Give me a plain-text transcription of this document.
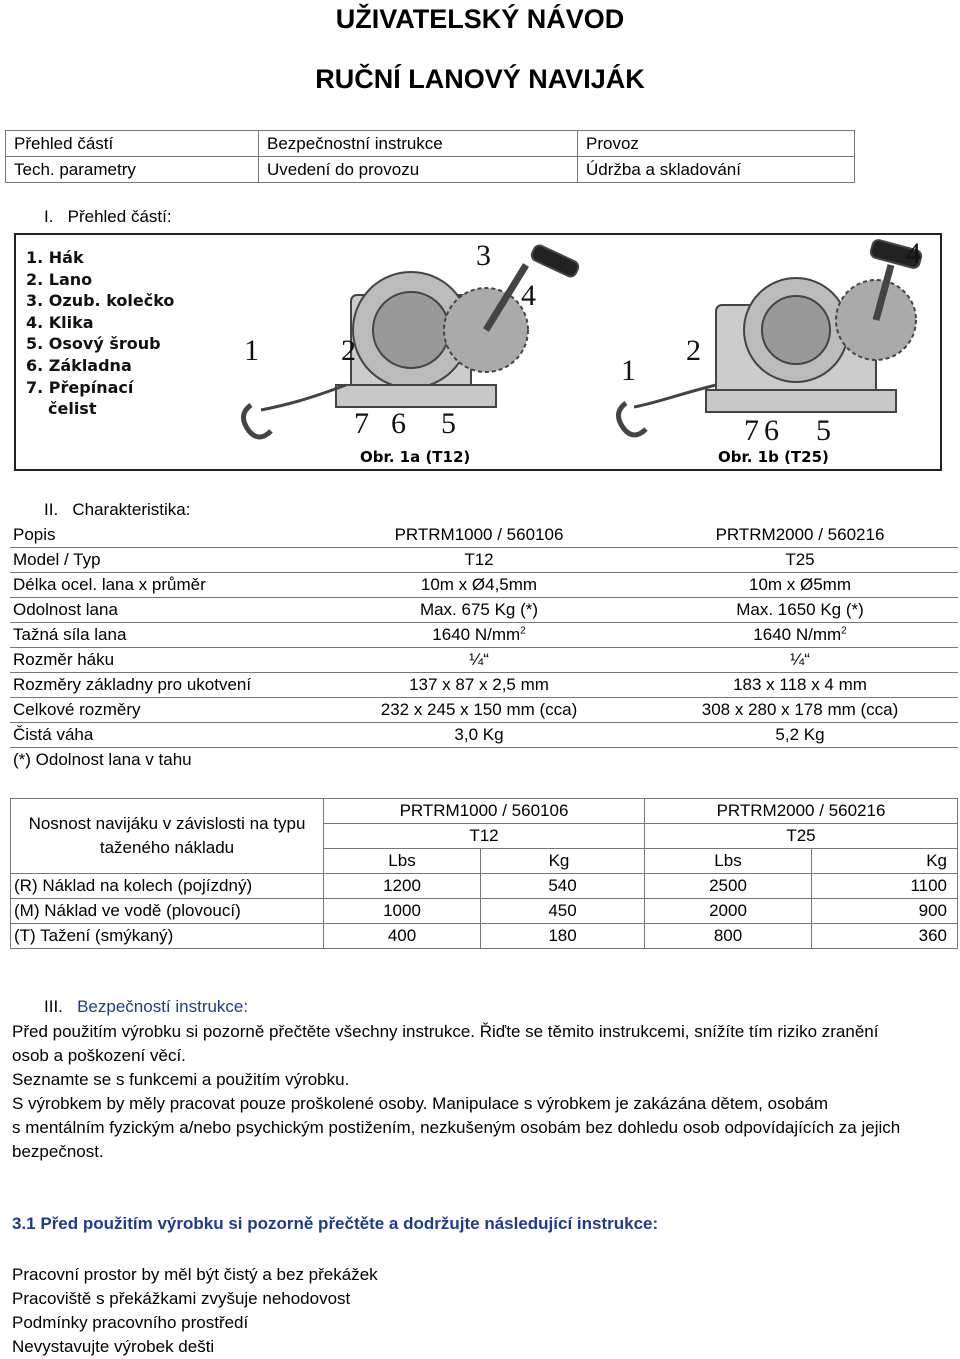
UŽIVATELSKÝ NÁVOD
RUČNÍ LANOVÝ NAVIJÁK
Přehled částí	Bezpečnostní instrukce	Provoz
Tech. parametry	Uvedení do provozu	Údržba a skladování
I. Přehled částí:
1. Hák
2. Lano
3. Ozub. kolečko
4. Klika
5. Osový šroub
6. Základna
7. Přepínací
čelist
3
4
1	2
7 6 5
4
1
2
7 6 5
Obr. 1a (T12)	Obr. 1b (T25)
II. Charakteristika:
Popis	PRTRM1000 / 560106	PRTRM2000 / 560216
Model / Typ	T12	T25
Délka ocel. lana x průměr	10m x Ø4,5mm	10m x Ø5mm
Odolnost lana	Max. 675 Kg (*)	Max. 1650 Kg (*)
Tažná síla lana	1640 $N/mm^2$	1640 $N/mm^2$
Rozměr háku	¼“	¼“
Rozměry základny pro ukotvení	137 x 87 x 2,5 mm	183 x 118 x 4 mm
Celkové rozměry	232 x 245 x 150 mm (cca)	308 x 280 x 178 mm (cca)
Čistá váha	3,0 Kg	5,2 Kg
(*) Odolnost lana v tahu
Nosnost navijáku v závislosti na typu
taženého nákladu	PRTRM1000 / 560106		PRTRM2000 / 560216	
	T12		T25	
	Lbs	Kg	Lbs	Kg
(R) Náklad na kolech (pojízdný)	1200	540	2500	1100
(M) Náklad ve vodě (plovoucí)	1000	450	2000	900
(T) Tažení (smýkaný)	400	180	800	360
III. Bezpečností instrukce:
Před použitím výrobku si pozorně přečtěte všechny instrukce. Řiďte se těmito instrukcemi, snížíte tím riziko zranění
osob a poškození věcí.
Seznamte se s funkcemi a použitím výrobku.
S výrobkem by měly pracovat pouze proškolené osoby. Manipulace s výrobkem je zakázána dětem, osobám
s mentálním fyzickým a/nebo psychickým postižením, nezkušeným osobám bez dohledu osob odpovídajících za jejich
bezpečnost.
3.1 Před použitím výrobku si pozorně přečtěte a dodržujte následující instrukce:
Pracovní prostor by měl být čistý a bez překážek
Pracoviště s překážkami zvyšuje nehodovost
Podmínky pracovního prostředí
Nevystavujte výrobek dešti
